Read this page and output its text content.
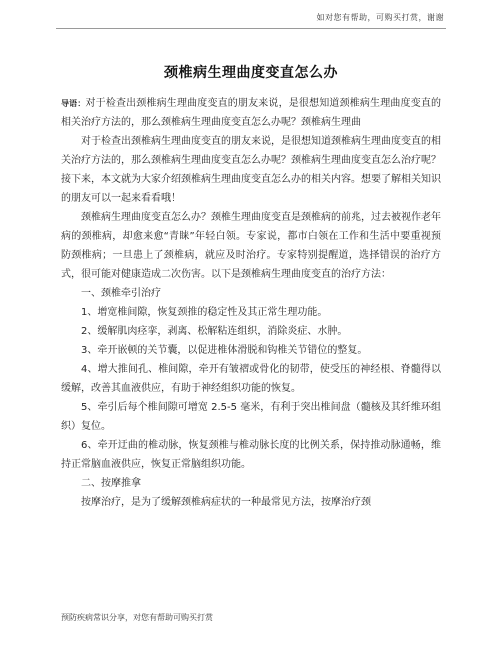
如对您有帮助，可购买打赏，谢谢
颈椎病生理曲度变直怎么办

导语：对于检查出颈椎病生理曲度变直的朋友来说，是很想知道颈椎病生理曲度变直的相关治疗方法的，那么颈椎病生理曲度变直怎么办呢？颈椎病生理曲

对于检查出颈椎病生理曲度变直的朋友来说，是很想知道颈椎病生理曲度变直的相关治疗方法的，那么颈椎病生理曲度变直怎么办呢？颈椎病生理曲度变直怎么治疗呢？接下来，本文就为大家介绍颈椎病生理曲度变直怎么办的相关内容。想要了解相关知识的朋友可以一起来看看哦！

颈椎病生理曲度变直怎么办？颈椎生理曲度变直是颈椎病的前兆，过去被视作老年病的颈椎病，却愈来愈“青睐”年轻白领。专家说，都市白领在工作和生活中要重视预防颈椎病；一旦患上了颈椎病，就应及时治疗。专家特别提醒道，选择错误的治疗方式，很可能对健康造成二次伤害。以下是颈椎病生理曲度变直的治疗方法：

一、颈椎牵引治疗

1、增宽椎间隙，恢复颈推的稳定性及其正常生理功能。

2、缓解肌肉痉挛，剥离、松解粘连组织，消除炎症、水肿。

3、牵开嵌顿的关节囊，以促进椎体滑脱和钩椎关节错位的整复。

4、增大推间孔、椎间隙，牵开有皱褶或骨化的韧带，使受压的神经根、脊髓得以缓解，改善其血液供应，有助于神经组织功能的恢复。

5、牵引后每个椎间隙可增宽 2.5-5 毫米，有利于突出椎间盘（髓核及其纤维环组织）复位。

6、牵开迂曲的椎动脉，恢复颈椎与椎动脉长度的比例关系，保持推动脉通畅，维持正常脑血液供应，恢复正常脑组织功能。

二、按摩推拿

按摩治疗，是为了缓解颈椎病症状的一种最常见方法，按摩治疗颈

预防疾病常识分享，对您有帮助可购买打赏
